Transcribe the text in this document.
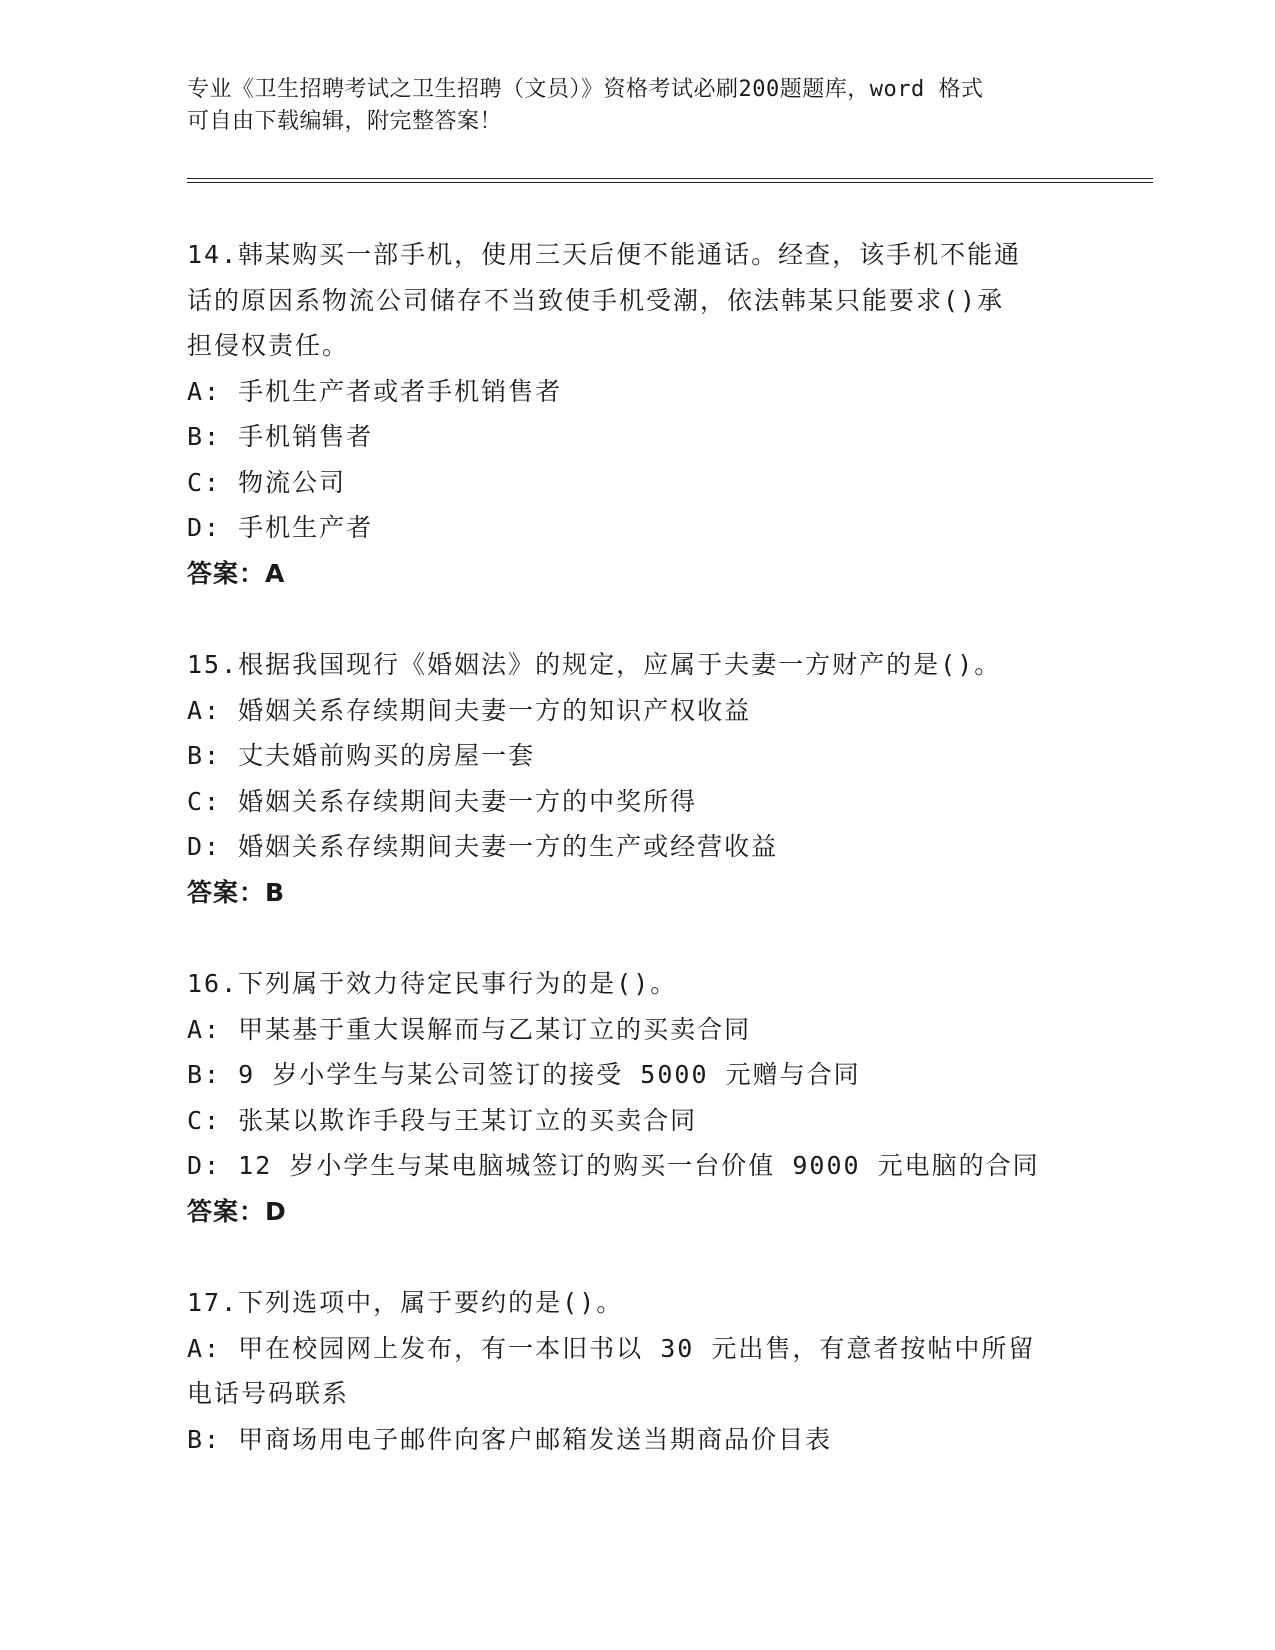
专业《卫生招聘考试之卫生招聘（文员）》资格考试必刷200题题库，word 格式
可自由下载编辑，附完整答案！
14.韩某购买一部手机，使用三天后便不能通话。经查，该手机不能通
话的原因系物流公司储存不当致使手机受潮，依法韩某只能要求()承
担侵权责任。
A: 手机生产者或者手机销售者
B: 手机销售者
C: 物流公司
D: 手机生产者
答案：A
15.根据我国现行《婚姻法》的规定，应属于夫妻一方财产的是()。
A: 婚姻关系存续期间夫妻一方的知识产权收益
B: 丈夫婚前购买的房屋一套
C: 婚姻关系存续期间夫妻一方的中奖所得
D: 婚姻关系存续期间夫妻一方的生产或经营收益
答案：B
16.下列属于效力待定民事行为的是()。
A: 甲某基于重大误解而与乙某订立的买卖合同
B: 9 岁小学生与某公司签订的接受 5000 元赠与合同
C: 张某以欺诈手段与王某订立的买卖合同
D: 12 岁小学生与某电脑城签订的购买一台价值 9000 元电脑的合同
答案：D
17.下列选项中，属于要约的是()。
A: 甲在校园网上发布，有一本旧书以 30 元出售，有意者按帖中所留
电话号码联系
B: 甲商场用电子邮件向客户邮箱发送当期商品价目表
